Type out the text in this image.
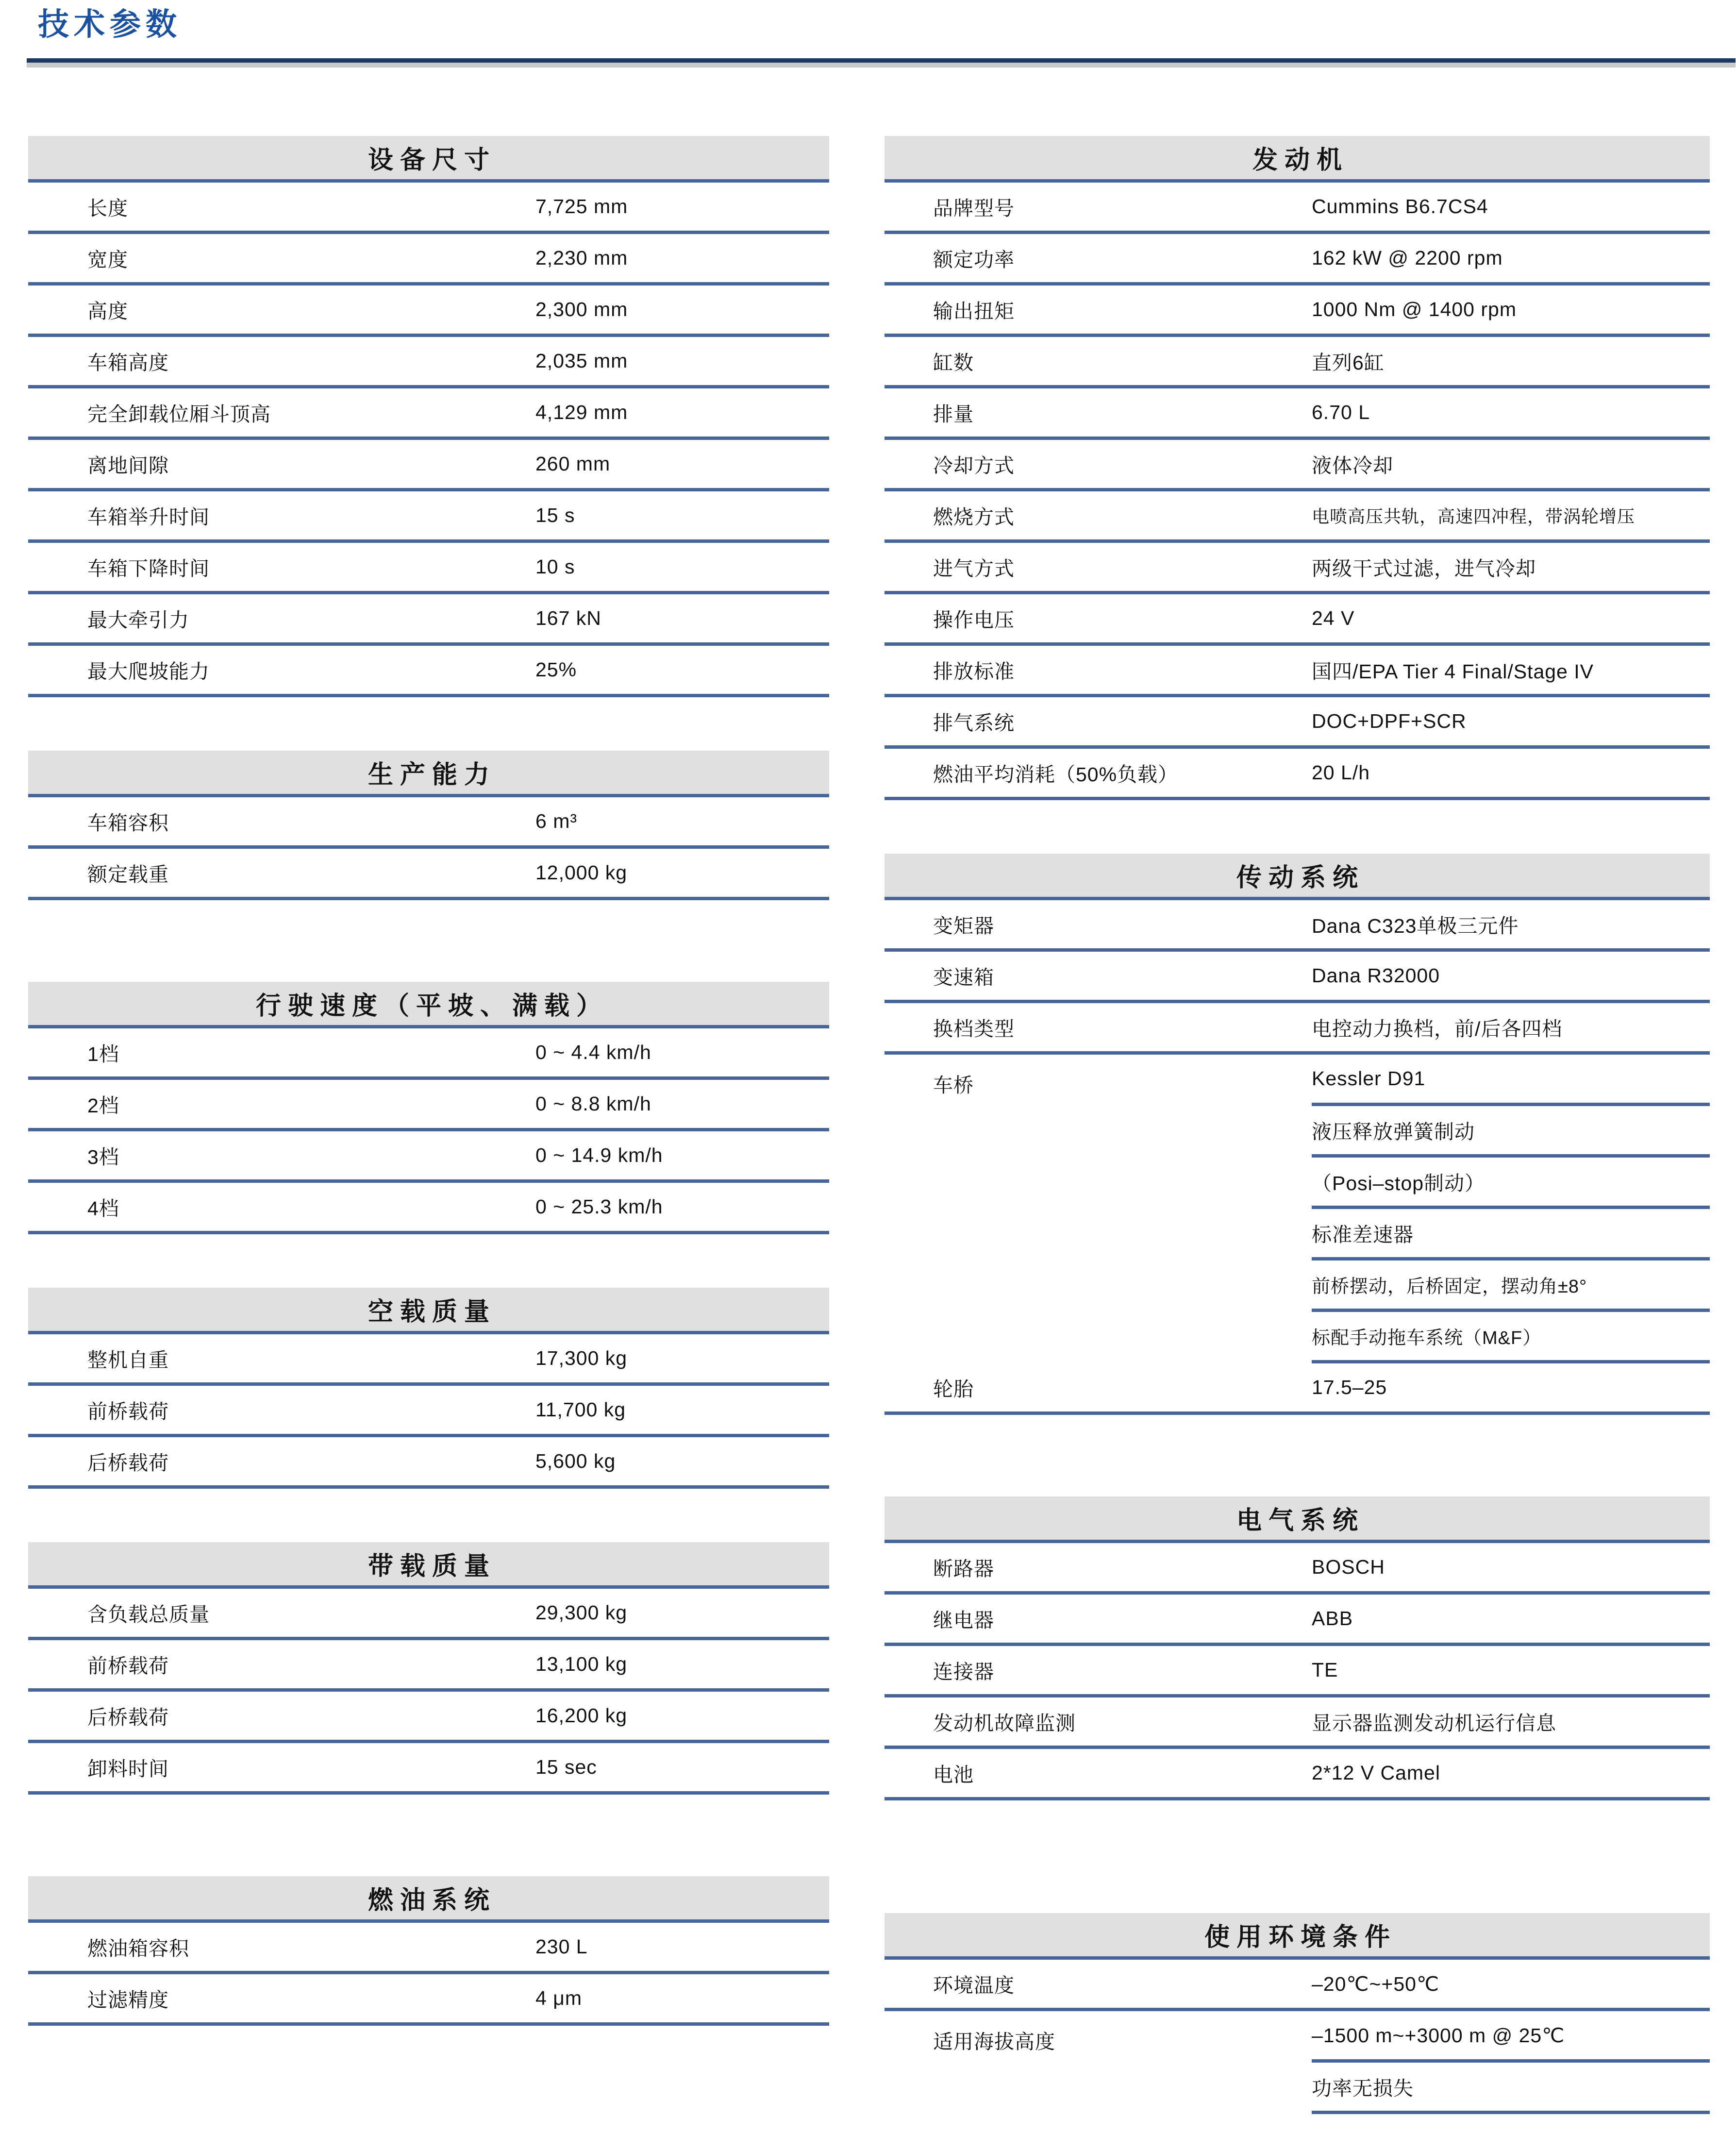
技术参数
设备尺寸
长度	7,725 mm
宽度	2,230 mm
高度	2,300 mm
车箱高度	2,035 mm
完全卸载位厢斗顶高	4,129 mm
离地间隙	260 mm
车箱举升时间	15 s
车箱下降时间	10 s
最大牵引力	167 kN
最大爬坡能力	25%
生产能力
车箱容积	6 m³
额定载重	12,000 kg
行驶速度（平坡、满载）
1档	0 ~ 4.4 km/h
2档	0 ~ 8.8 km/h
3档	0 ~ 14.9 km/h
4档	0 ~ 25.3 km/h
空载质量
整机自重	17,300 kg
前桥载荷	11,700 kg
后桥载荷	5,600 kg
带载质量
含负载总质量	29,300 kg
前桥载荷	13,100 kg
后桥载荷	16,200 kg
卸料时间	15 sec
燃油系统
燃油箱容积	230 L
过滤精度	4 μm
发动机
品牌型号	Cummins B6.7CS4
额定功率	162 kW @ 2200 rpm
输出扭矩	1000 Nm @ 1400 rpm
缸数	直列6缸
排量	6.70 L
冷却方式	液体冷却
燃烧方式	电喷高压共轨，高速四冲程，带涡轮增压
进气方式	两级干式过滤，进气冷却
操作电压	24 V
排放标准	国四/EPA Tier 4 Final/Stage IV
排气系统	DOC+DPF+SCR
燃油平均消耗（50%负载）	20 L/h
传动系统
变矩器	Dana C323单极三元件
变速箱	Dana R32000
换档类型	电控动力换档，前/后各四档
车桥	Kessler D91
液压释放弹簧制动
（Posi–stop制动）
标准差速器
前桥摆动，后桥固定，摆动角±8°
标配手动拖车系统（M&F）
轮胎	17.5–25
电气系统
断路器	BOSCH
继电器	ABB
连接器	TE
发动机故障监测	显示器监测发动机运行信息
电池	2*12 V Camel
使用环境条件
环境温度	–20℃~+50℃
适用海拔高度	–1500 m~+3000 m @ 25℃
功率无损失
